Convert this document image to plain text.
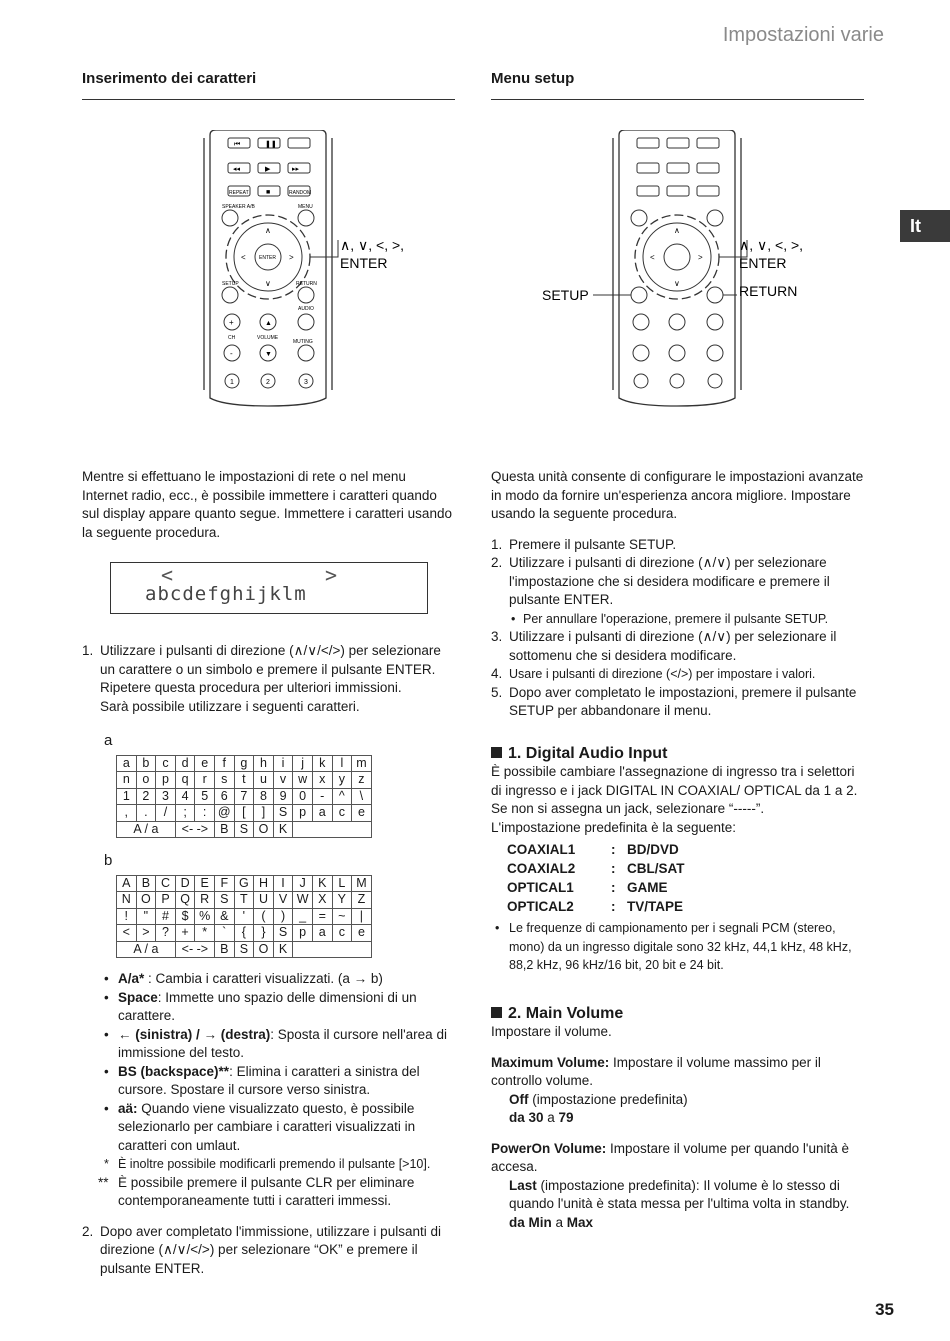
Impostazioni varie
It
Inserimento dei caratteri
⏮	❚❚
◂◂	▶	▸▸
REPEAT ■	RANDOM
SPEAKER A/B	MENU
ENTER
∧
∨
<	>
SETUP	RETURN
AUDIO
+	▲
CH	VOLUME
MUTING
-	▼
1	2	3
∧, ∨, <, >,
ENTER
Mentre si effettuano le impostazioni di rete o nel menu Internet radio, ecc., è possibile immettere i caratteri quando sul display appare quanto segue. Immettere i caratteri usando la seguente procedura.
<	>
abcdefghijklm
1. Utilizzare i pulsanti di direzione (∧/∨/</>) per selezionare un carattere o un simbolo e premere il pulsante ENTER.
Ripetere questa procedura per ulteriori immissioni.
Sarà possibile utilizzare i seguenti caratteri.
a
a	b	c	d	e	f	g	h	i	j	k	l	m
n	o	p	q	r	s	t	u	v	w	x	y	z
1	2	3	4	5	6	7	8	9	0	-	^	\
,	.	/	;	:	@	[	]	S	p	a	c	e
A / a			<- ->		B	S	O	K				
b
A	B	C	D	E	F	G	H	I	J	K	L	M
N	O	P	Q	R	S	T	U	V	W	X	Y	Z
!	"	#	$	%	&	'	(	)	_	=	~	|
<	>	?	+	*	`	{	}	S	p	a	c	e
A / a			<- ->		B	S	O	K				
• A/a* : Cambia i caratteri visualizzati. (a → b)
• Space: Immette uno spazio delle dimensioni di un carattere.
• ← (sinistra) / → (destra): Sposta il cursore nell'area di immissione del testo.
• BS (backspace)**: Elimina i caratteri a sinistra del cursore. Spostare il cursore verso sinistra.
• aä: Quando viene visualizzato questo, è possibile selezionarlo per cambiare i caratteri visualizzati in caratteri con umlaut.
* È inoltre possibile modificarli premendo il pulsante [>10].
** È possibile premere il pulsante CLR per eliminare contemporaneamente tutti i caratteri immessi.
2. Dopo aver completato l'immissione, utilizzare i pulsanti di direzione (∧/∨/</>) per selezionare “OK” e premere il pulsante ENTER.
Menu setup
∧
∨
<	>
∧, ∨, <, >,
ENTER
SETUP	RETURN
Questa unità consente di configurare le impostazioni avanzate in modo da fornire un'esperienza ancora migliore. Impostare usando la seguente procedura.
1. Premere il pulsante SETUP.
2. Utilizzare i pulsanti di direzione (∧/∨) per selezionare l'impostazione che si desidera modificare e premere il pulsante ENTER.
• Per annullare l'operazione, premere il pulsante SETUP.
3. Utilizzare i pulsanti di direzione (∧/∨) per selezionare il sottomenu che si desidera modificare.
4. Usare i pulsanti di direzione (</>) per impostare i valori.
5. Dopo aver completato le impostazioni, premere il pulsante SETUP per abbandonare il menu.
1. Digital Audio Input
È possibile cambiare l'assegnazione di ingresso tra i selettori di ingresso e i jack DIGITAL IN COAXIAL/ OPTICAL da 1 a 2. Se non si assegna un jack, selezionare “-----”.
L'impostazione predefinita è la seguente:
COAXIAL1	: BD/DVD
COAXIAL2	: CBL/SAT
OPTICAL1	: GAME
OPTICAL2	: TV/TAPE
• Le frequenze di campionamento per i segnali PCM (stereo, mono) da un ingresso digitale sono 32 kHz, 44,1 kHz, 48 kHz, 88,2 kHz, 96 kHz/16 bit, 20 bit e 24 bit.
2. Main Volume
Impostare il volume.
Maximum Volume: Impostare il volume massimo per il controllo volume.
Off (impostazione predefinita)
da 30 a 79
PowerOn Volume: Impostare il volume per quando l'unità è accesa.
Last (impostazione predefinita): Il volume è lo stesso di quando l'unità è stata messa per l'ultima volta in standby.
da Min a Max
35
